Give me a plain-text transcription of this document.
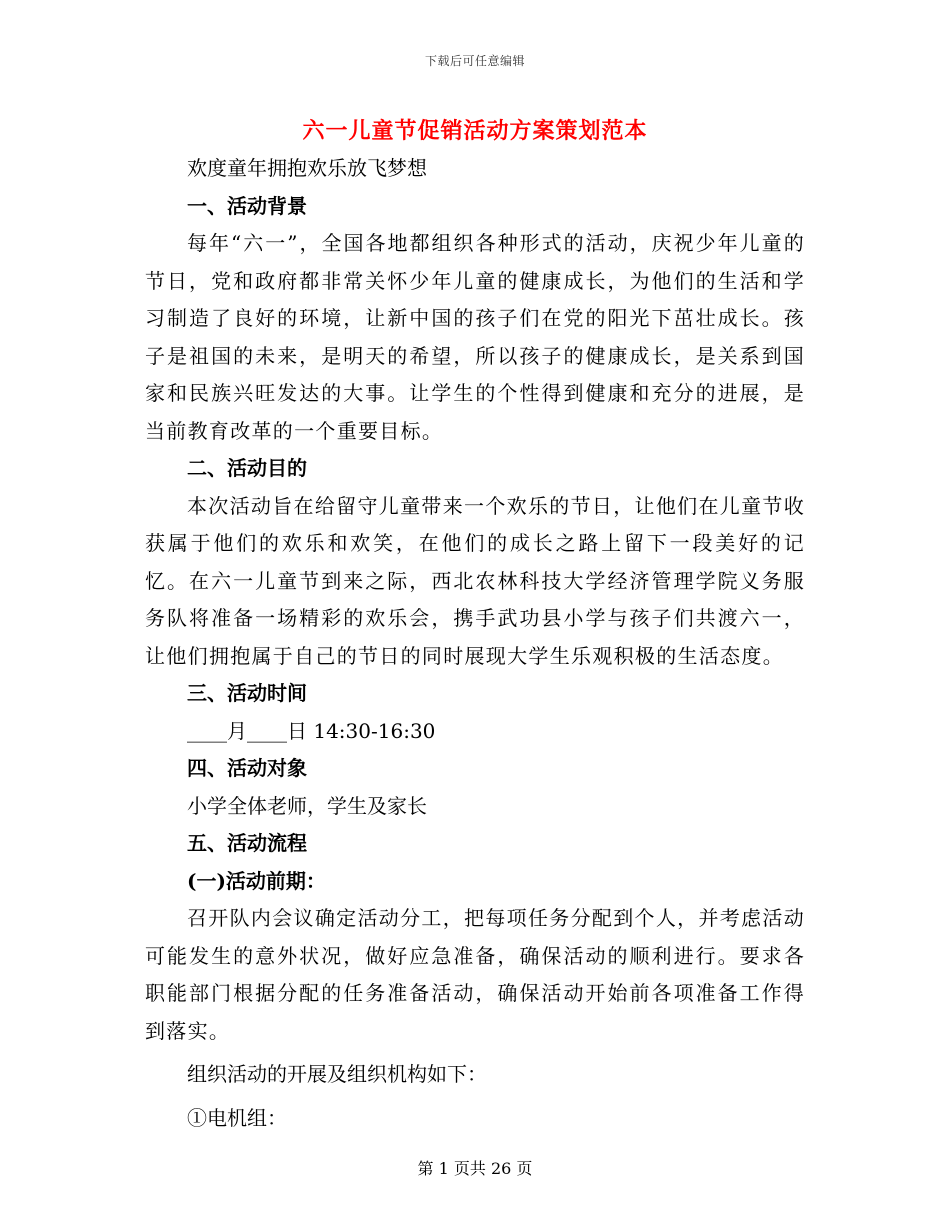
下载后可任意编辑
六一儿童节促销活动方案策划范本

欢度童年拥抱欢乐放飞梦想

一、活动背景

每年“六一”，全国各地都组织各种形式的活动，庆祝少年儿童的节日，党和政府都非常关怀少年儿童的健康成长，为他们的生活和学习制造了良好的环境，让新中国的孩子们在党的阳光下茁壮成长。孩子是祖国的未来，是明天的希望，所以孩子的健康成长，是关系到国家和民族兴旺发达的大事。让学生的个性得到健康和充分的进展，是当前教育改革的一个重要目标。

二、活动目的

本次活动旨在给留守儿童带来一个欢乐的节日，让他们在儿童节收获属于他们的欢乐和欢笑，在他们的成长之路上留下一段美好的记忆。在六一儿童节到来之际，西北农林科技大学经济管理学院义务服务队将准备一场精彩的欢乐会，携手武功县小学与孩子们共渡六一，让他们拥抱属于自己的节日的同时展现大学生乐观积极的生活态度。

三、活动时间

____月____日 14:30-16:30

四、活动对象

小学全体老师，学生及家长

五、活动流程

(一)活动前期：

召开队内会议确定活动分工，把每项任务分配到个人，并考虑活动可能发生的意外状况，做好应急准备，确保活动的顺利进行。要求各职能部门根据分配的任务准备活动，确保活动开始前各项准备工作得到落实。

组织活动的开展及组织机构如下：

①电机组：

第 1 页共 26 页
